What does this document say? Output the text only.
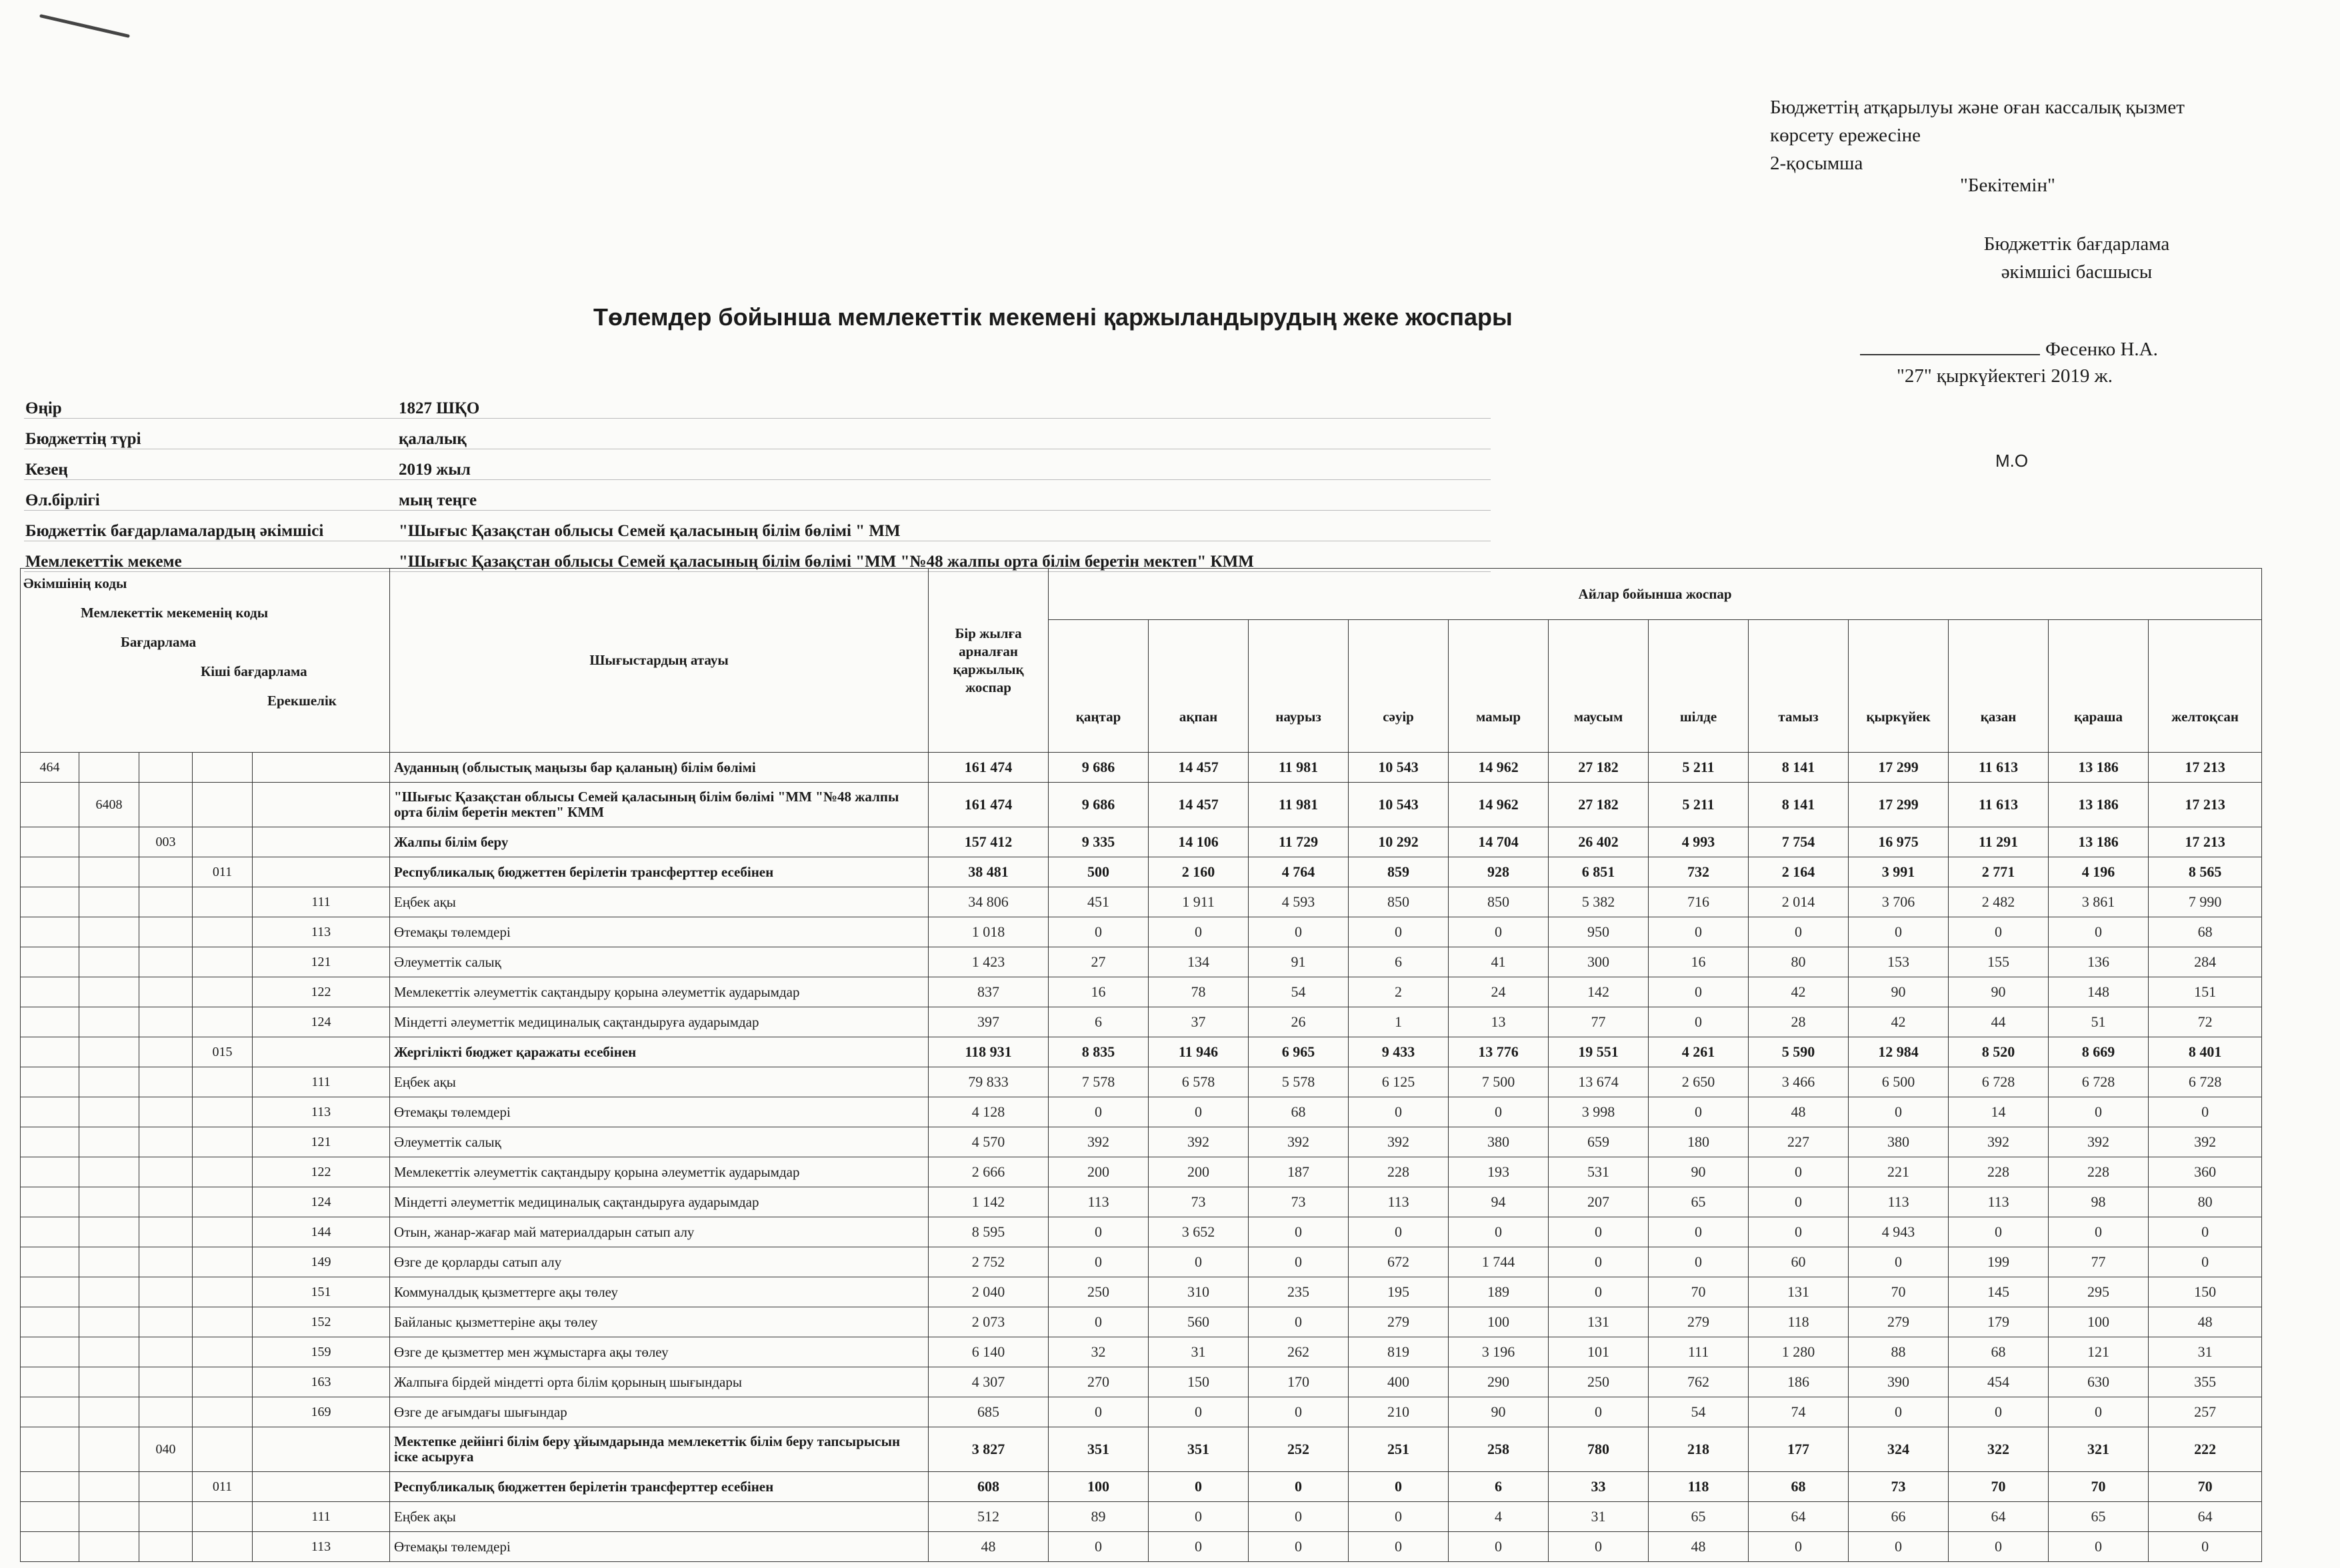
Бюджеттің атқарылуы және оған кассалық қызмет
көрсету ережесіне
2-қосымша
"Бекітемін"
Бюджеттік бағдарлама
әкімшісі басшысы
Фесенко Н.А.
"27" қыркүйектегі 2019 ж.
М.О
Төлемдер бойынша мемлекеттік мекемені қаржыландырудың жеке жоспары
Өңір	1827 ШҚО
Бюджеттің түрі	қалалық
Кезең	2019 жыл
Өл.бірлігі	мың теңге
Бюджеттік бағдарламалардың әкімшісі	"Шығыс Қазақстан облысы Семей қаласының білім бөлімі " ММ
Мемлекеттік мекеме	"Шығыс Қазақстан облысы Семей қаласының білім бөлімі "ММ "№48 жалпы орта білім беретін мектеп" КММ
Әкімшінің коды
Мемлекеттік мекеменің коды
Бағдарлама
Кіші бағдарлама
Ерекшелік					Шығыстардың атауы	Бір жылға арналған қаржылық жоспар	Айлар бойынша жоспар											
							қаңтар	ақпан	наурыз	сәуір	мамыр	маусым	шілде	тамыз	қыркүйек	қазан	қараша	желтоқсан
464					Ауданның (облыстық маңызы бар қаланың) білім бөлімі	161 474	9 686	14 457	11 981	10 543	14 962	27 182	5 211	8 141	17 299	11 613	13 186	17 213
	6408				"Шығыс Қазақстан облысы Семей қаласының білім бөлімі "ММ "№48 жалпы орта білім беретін мектеп" КММ	161 474	9 686	14 457	11 981	10 543	14 962	27 182	5 211	8 141	17 299	11 613	13 186	17 213
		003			Жалпы білім беру	157 412	9 335	14 106	11 729	10 292	14 704	26 402	4 993	7 754	16 975	11 291	13 186	17 213
			011		Республикалық бюджеттен берілетін трансферттер есебінен	38 481	500	2 160	4 764	859	928	6 851	732	2 164	3 991	2 771	4 196	8 565
				111	Еңбек ақы	34 806	451	1 911	4 593	850	850	5 382	716	2 014	3 706	2 482	3 861	7 990
				113	Өтемақы төлемдері	1 018	0	0	0	0	0	950	0	0	0	0	0	68
				121	Әлеуметтік салық	1 423	27	134	91	6	41	300	16	80	153	155	136	284
				122	Мемлекеттік әлеуметтік сақтандыру қорына әлеуметтік аударымдар	837	16	78	54	2	24	142	0	42	90	90	148	151
				124	Міндетті әлеуметтік медициналық сақтандыруға аударымдар	397	6	37	26	1	13	77	0	28	42	44	51	72
			015		Жергілікті бюджет қаражаты есебінен	118 931	8 835	11 946	6 965	9 433	13 776	19 551	4 261	5 590	12 984	8 520	8 669	8 401
				111	Еңбек ақы	79 833	7 578	6 578	5 578	6 125	7 500	13 674	2 650	3 466	6 500	6 728	6 728	6 728
				113	Өтемақы төлемдері	4 128	0	0	68	0	0	3 998	0	48	0	14	0	0
				121	Әлеуметтік салық	4 570	392	392	392	392	380	659	180	227	380	392	392	392
				122	Мемлекеттік әлеуметтік сақтандыру қорына әлеуметтік аударымдар	2 666	200	200	187	228	193	531	90	0	221	228	228	360
				124	Міндетті әлеуметтік медициналық сақтандыруға аударымдар	1 142	113	73	73	113	94	207	65	0	113	113	98	80
				144	Отын, жанар-жағар май материалдарын сатып алу	8 595	0	3 652	0	0	0	0	0	0	4 943	0	0	0
				149	Өзге де қорларды сатып алу	2 752	0	0	0	672	1 744	0	0	60	0	199	77	0
				151	Коммуналдық қызметтерге ақы төлеу	2 040	250	310	235	195	189	0	70	131	70	145	295	150
				152	Байланыс қызметтеріне ақы төлеу	2 073	0	560	0	279	100	131	279	118	279	179	100	48
				159	Өзге де қызметтер мен жұмыстарға ақы төлеу	6 140	32	31	262	819	3 196	101	111	1 280	88	68	121	31
				163	Жалпыға бірдей міндетті орта білім қорының шығындары	4 307	270	150	170	400	290	250	762	186	390	454	630	355
				169	Өзге де ағымдағы шығындар	685	0	0	0	210	90	0	54	74	0	0	0	257
		040			Мектепке дейінгі білім беру ұйымдарында мемлекеттік білім беру тапсырысын іске асыруға	3 827	351	351	252	251	258	780	218	177	324	322	321	222
			011		Республикалық бюджеттен берілетін трансферттер есебінен	608	100	0	0	0	6	33	118	68	73	70	70	70
				111	Еңбек ақы	512	89	0	0	0	4	31	65	64	66	64	65	64
				113	Өтемақы төлемдері	48	0	0	0	0	0	0	48	0	0	0	0	0
